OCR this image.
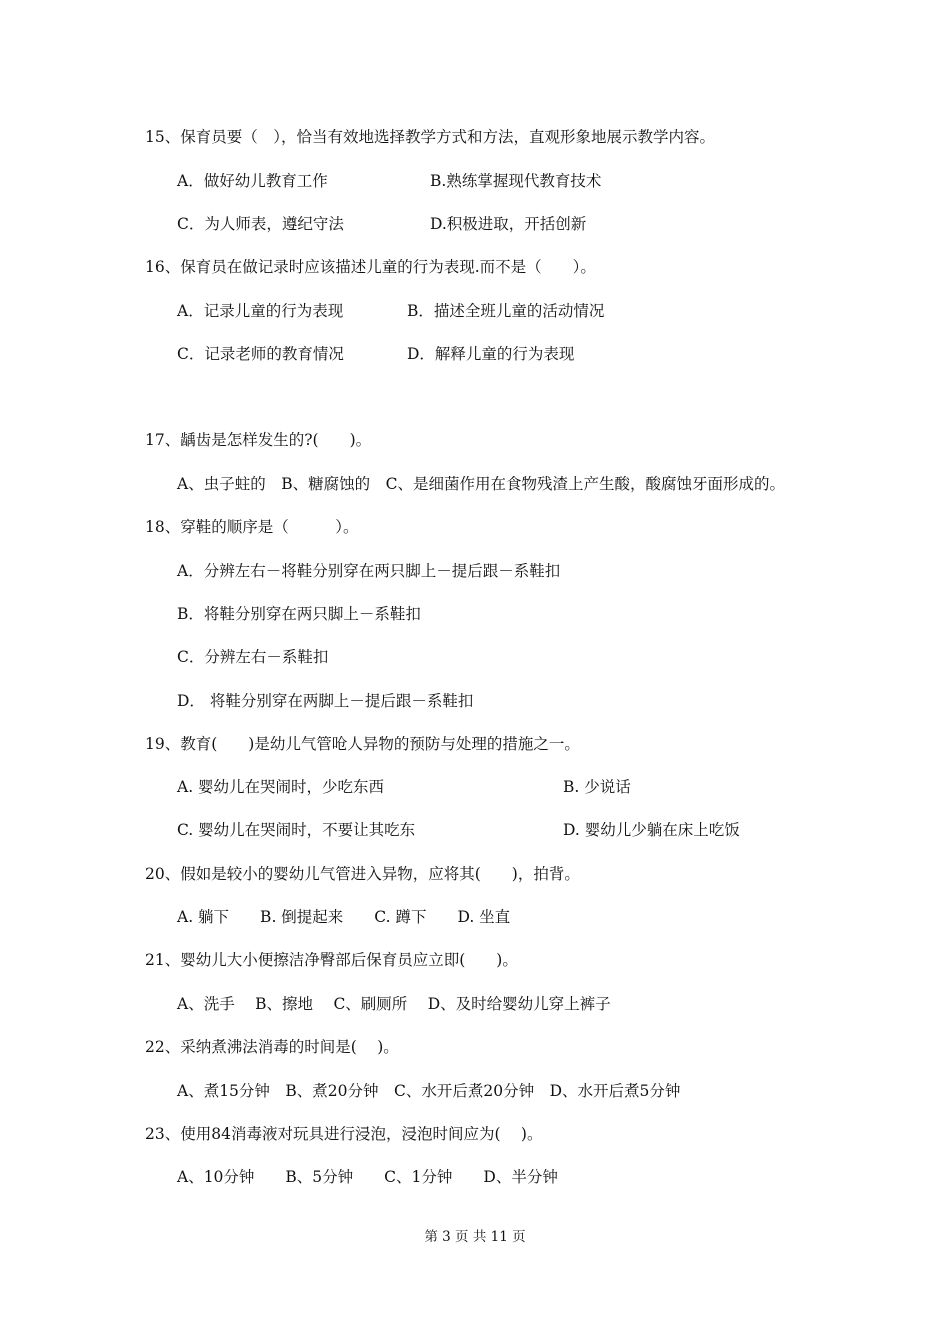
15、保育员要（　），恰当有效地选择教学方式和方法，直观形象地展示教学内容。
A．做好幼儿教育工作	B.熟练掌握现代教育技术
C．为人师表，遵纪守法	D.积极进取，开括创新
16、保育员在做记录时应该描述儿童的行为表现.而不是（　　）。
A．记录儿童的行为表现	B．描述全班儿童的活动情况
C．记录老师的教育情况	D．解释儿童的行为表现
17、龋齿是怎样发生的?(　　)。
A、虫子蛀的　B、糖腐蚀的　C、是细菌作用在食物残渣上产生酸，酸腐蚀牙面形成的。
18、穿鞋的顺序是（　　　）。
A．分辨左右－将鞋分别穿在两只脚上－提后跟－系鞋扣
B．将鞋分别穿在两只脚上－系鞋扣
C．分辨左右－系鞋扣
D． 将鞋分别穿在两脚上－提后跟－系鞋扣
19、教育(　　)是幼儿气管呛人异物的预防与处理的措施之一。
A. 婴幼儿在哭闹时，少吃东西	B. 少说话
C. 婴幼儿在哭闹时，不要让其吃东	D. 婴幼儿少躺在床上吃饭
20、假如是较小的婴幼儿气管进入异物，应将其(　　)，拍背。
A. 躺下　　B. 倒提起来　　C. 蹲下　　D. 坐直
21、婴幼儿大小便擦洁净臀部后保育员应立即(　　)。
A、洗手　 B、擦地　 C、刷厕所　 D、及时给婴幼儿穿上裤子
22、采纳煮沸法消毒的时间是(　 )。
A、煮15分钟　B、煮20分钟　C、水开后煮20分钟　D、水开后煮5分钟
23、使用84消毒液对玩具进行浸泡，浸泡时间应为(　 )。
A、10分钟　　B、5分钟　　C、1分钟　　D、半分钟
第 3 页 共 11 页
